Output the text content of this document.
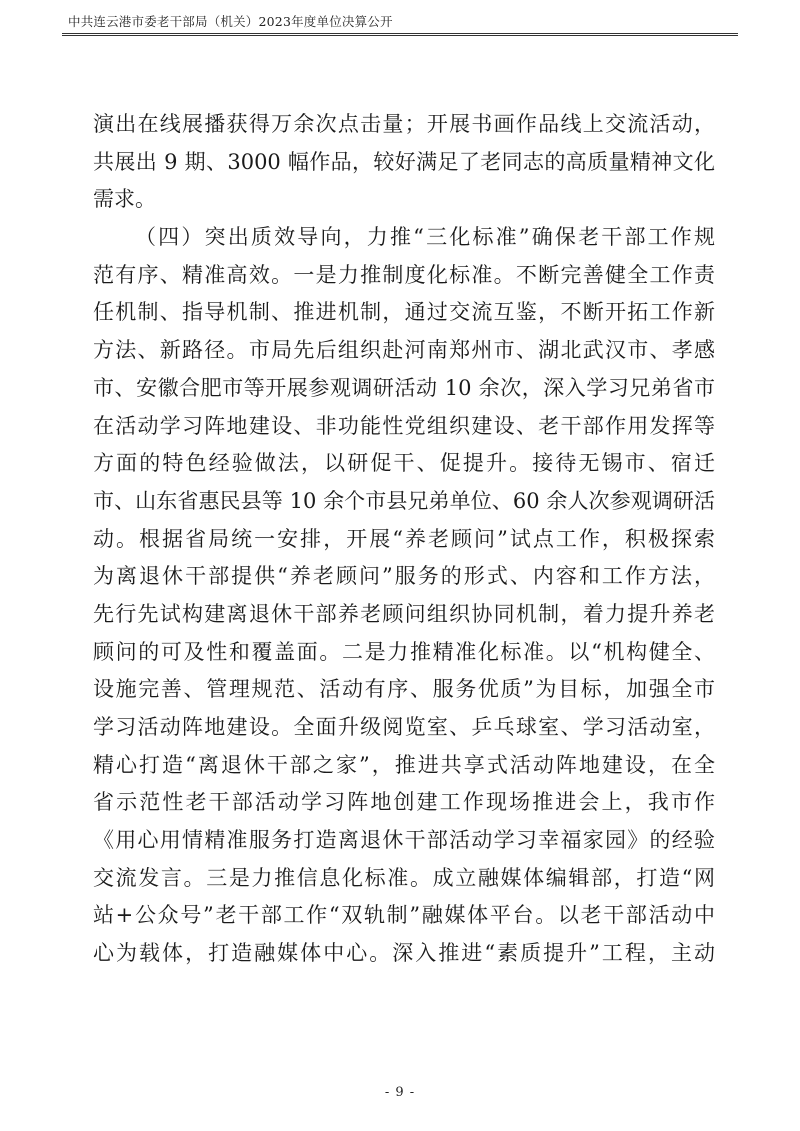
中共连云港市委老干部局（机关）2023年度单位决算公开
演出在线展播获得万余次点击量；开展书画作品线上交流活动，
共展出 9 期、3000 幅作品，较好满足了老同志的高质量精神文化
需求。
（四）突出质效导向，力推“三化标准”确保老干部工作规
范有序、精准高效。一是力推制度化标准。不断完善健全工作责
任机制、指导机制、推进机制，通过交流互鉴，不断开拓工作新
方法、新路径。市局先后组织赴河南郑州市、湖北武汉市、孝感
市、安徽合肥市等开展参观调研活动 10 余次，深入学习兄弟省市
在活动学习阵地建设、非功能性党组织建设、老干部作用发挥等
方面的特色经验做法，以研促干、促提升。接待无锡市、宿迁
市、山东省惠民县等 10 余个市县兄弟单位、60 余人次参观调研活
动。根据省局统一安排，开展“养老顾问”试点工作，积极探索
为离退休干部提供“养老顾问”服务的形式、内容和工作方法，
先行先试构建离退休干部养老顾问组织协同机制，着力提升养老
顾问的可及性和覆盖面。二是力推精准化标准。以“机构健全、
设施完善、管理规范、活动有序、服务优质”为目标，加强全市
学习活动阵地建设。全面升级阅览室、乒乓球室、学习活动室，
精心打造“离退休干部之家”，推进共享式活动阵地建设，在全
省示范性老干部活动学习阵地创建工作现场推进会上，我市作
《用心用情精准服务打造离退休干部活动学习幸福家园》的经验
交流发言。三是力推信息化标准。成立融媒体编辑部，打造“网
站+公众号”老干部工作“双轨制”融媒体平台。以老干部活动中
心为载体，打造融媒体中心。深入推进“素质提升”工程，主动
- 9 -
